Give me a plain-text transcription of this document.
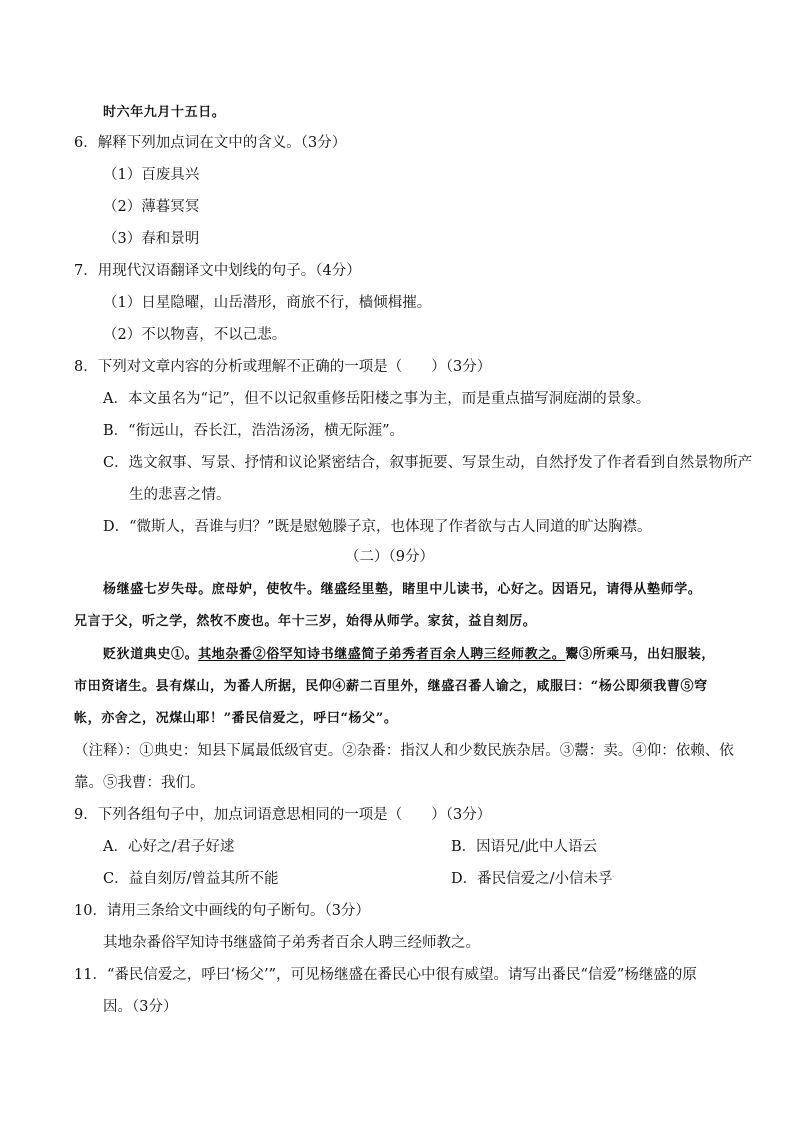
时六年九月十五日。
6．解释下列加点词在文中的含义。（3分）
（1）百废具兴
（2）薄暮冥冥
（3）春和景明
7．用现代汉语翻译文中划线的句子。（4分）
（1）日星隐曜，山岳潜形，商旅不行，樯倾楫摧。
（2）不以物喜，不以己悲。
8．下列对文章内容的分析或理解不正确的一项是（　　）（3分）
A．本文虽名为“记”，但不以记叙重修岳阳楼之事为主，而是重点描写洞庭湖的景象。
B．“衔远山，吞长江，浩浩汤汤，横无际涯”。
C．选文叙事、写景、抒情和议论紧密结合，叙事扼要、写景生动，自然抒发了作者看到自然景物所产
生的悲喜之情。
D．“微斯人，吾谁与归？”既是慰勉滕子京，也体现了作者欲与古人同道的旷达胸襟。
（二）（9分）
杨继盛七岁失母。庶母妒，使牧牛。继盛经里塾，睹里中儿读书，心好之。因语兄，请得从塾师学。
兄言于父，听之学，然牧不废也。年十三岁，始得从师学。家贫，益自刻厉。
贬狄道典史①。其地杂番②俗罕知诗书继盛简子弟秀者百余人聘三经师教之。鬻③所乘马，出妇服装，
市田资诸生。县有煤山，为番人所据，民仰④薪二百里外，继盛召番人谕之，咸服曰：“杨公即须我曹⑤穹
帐，亦舍之，况煤山耶！”番民信爱之，呼曰“杨父”。
（注释）：①典史：知县下属最低级官吏。②杂番：指汉人和少数民族杂居。③鬻：卖。④仰：依赖、依
靠。⑤我曹：我们。
9．下列各组句子中，加点词语意思相同的一项是（　　）（3分）
A．心好之/君子好逑	B．因语兄/此中人语云
C．益自刻厉/曾益其所不能	D．番民信爱之/小信未孚
10．请用三条给文中画线的句子断句。（3分）
其地杂番俗罕知诗书继盛简子弟秀者百余人聘三经师教之。
11．“番民信爱之，呼曰‘杨父’”，可见杨继盛在番民心中很有威望。请写出番民“信爱”杨继盛的原
因。（3分）
